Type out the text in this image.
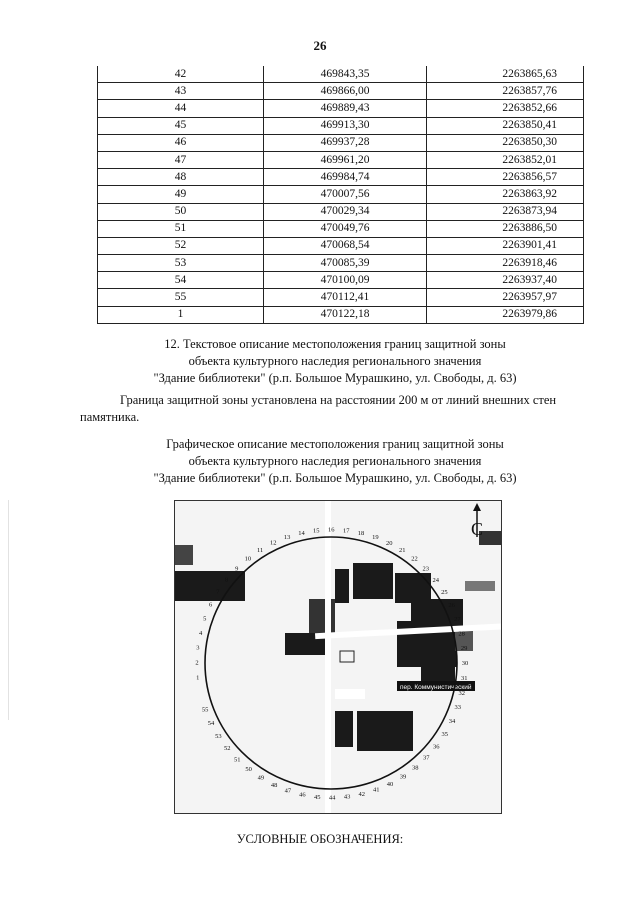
26
42	469843,35	2263865,63
43	469866,00	2263857,76
44	469889,43	2263852,66
45	469913,30	2263850,41
46	469937,28	2263850,30
47	469961,20	2263852,01
48	469984,74	2263856,57
49	470007,56	2263863,92
50	470029,34	2263873,94
51	470049,76	2263886,50
52	470068,54	2263901,41
53	470085,39	2263918,46
54	470100,09	2263937,40
55	470112,41	2263957,97
1	470122,18	2263979,86
12. Текстовое описание местоположения границ защитной зоны
объекта культурного наследия регионального значения
"Здание библиотеки" (р.п. Большое Мурашкино, ул. Свободы, д. 63)
Граница защитной зоны установлена на расстоянии 200 м от линий внешних стен памятника.
Графическое описание местоположения границ защитной зоны
объекта культурного наследия регионального значения
"Здание библиотеки" (р.п. Большое Мурашкино, ул. Свободы, д. 63)
пер. Коммунистический
С
1
2
3
4
5
6
7
8
9
10
11
12
13
14 15 16 17 18
19
20
21
22
23
24
25
26
27
28
29
30
31
32
33
34
35
36
37
38
39
40
41
42
43
44
45
46
47
48
49
50
51
52
53
54
55
УСЛОВНЫЕ ОБОЗНАЧЕНИЯ:
